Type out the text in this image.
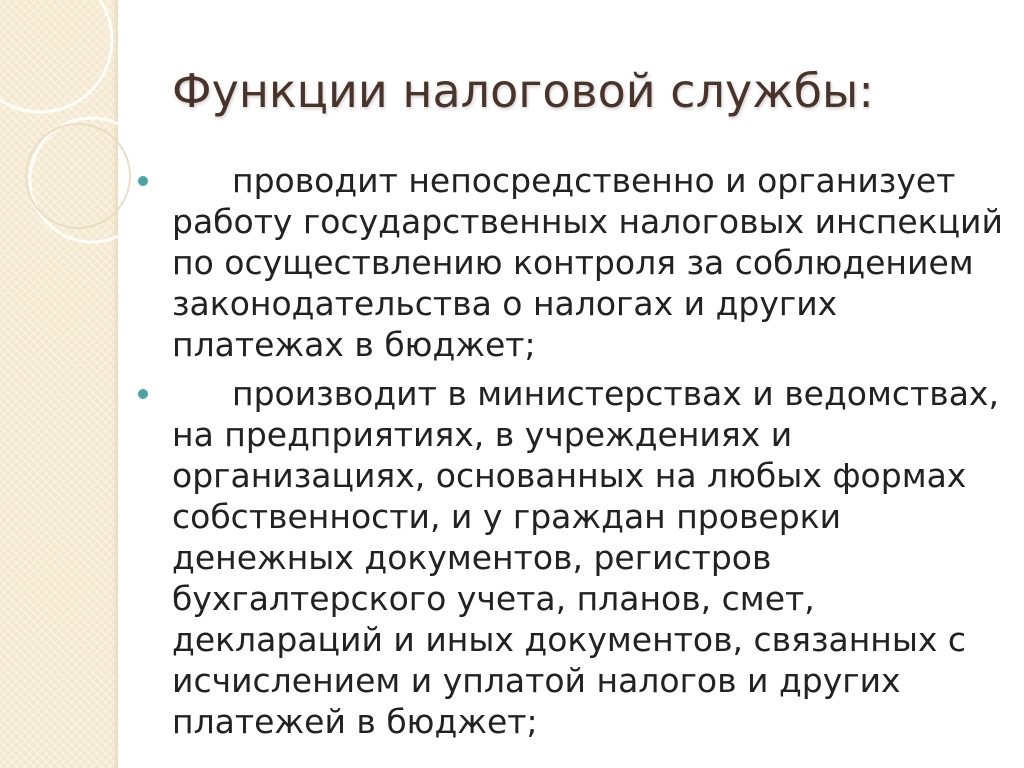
Функции налоговой службы:

проводит непосредственно и организует работу государственных налоговых инспекций по осуществлению контроля за соблюдением законодательства о налогах и других платежах в бюджет;

производит в министерствах и ведомствах, на предприятиях, в учреждениях и организациях, основанных на любых формах собственности, и у граждан проверки денежных документов, регистров бухгалтерского учета, планов, смет, деклараций и иных документов, связанных с исчислением и уплатой налогов и других платежей в бюджет;
